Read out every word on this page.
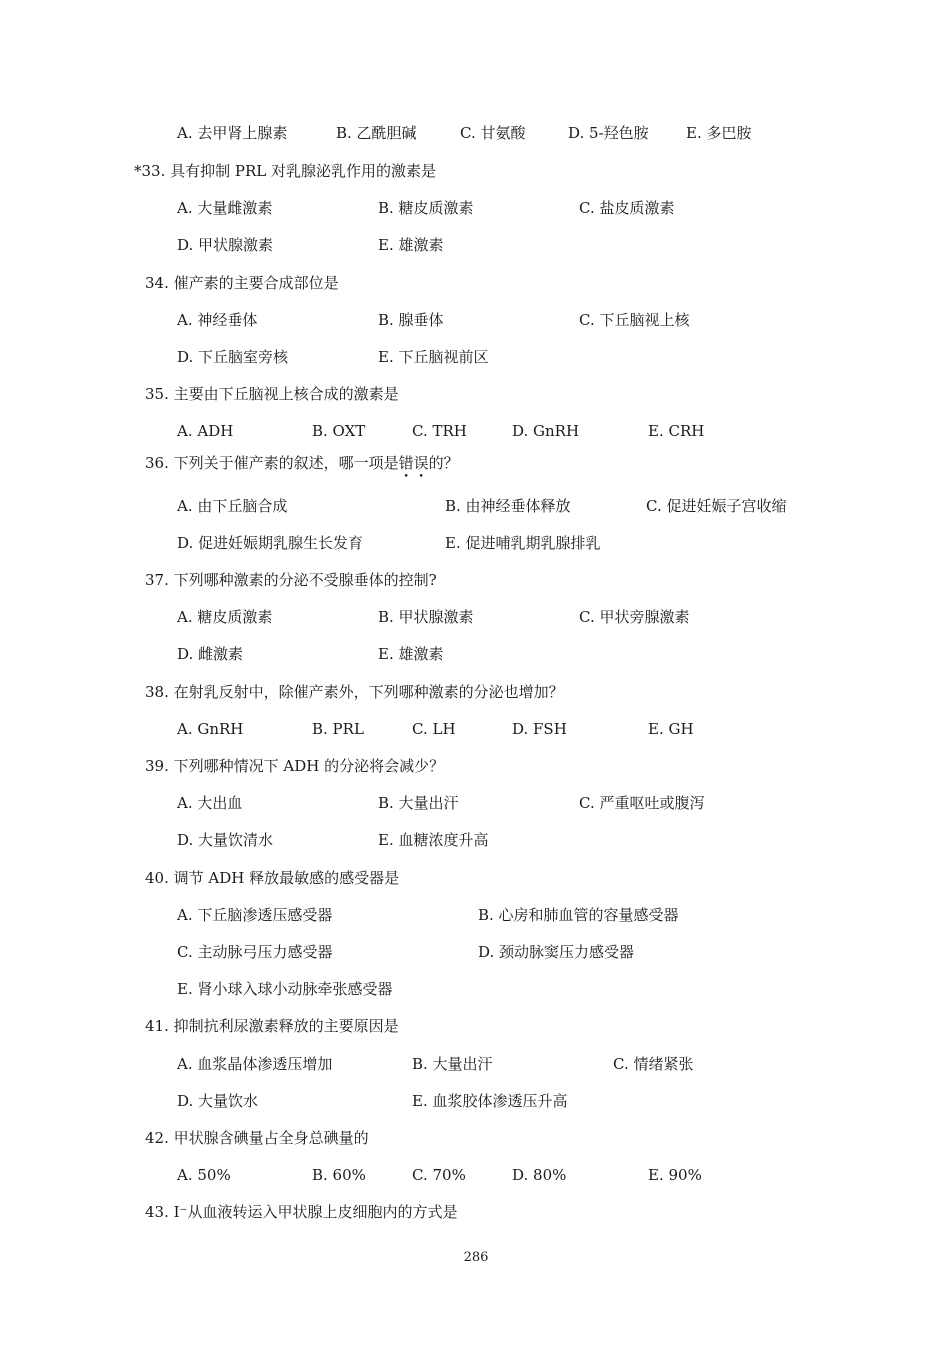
A. 去甲肾上腺素	B. 乙酰胆碱	C. 甘氨酸	D. 5-羟色胺 E. 多巴胺
*33. 具有抑制 PRL 对乳腺泌乳作用的激素是
A. 大量雌激素	B. 糖皮质激素	C. 盐皮质激素
D. 甲状腺激素	E. 雄激素
34. 催产素的主要合成部位是
A. 神经垂体	B. 腺垂体	C. 下丘脑视上核
D. 下丘脑室旁核	E. 下丘脑视前区
35. 主要由下丘脑视上核合成的激素是
A. ADH	B. OXT	C. TRH	D. GnRH	E. CRH
36. 下列关于催产素的叙述，哪一项是错误的？
A. 由下丘脑合成	B. 由神经垂体释放	C. 促进妊娠子宫收缩
D. 促进妊娠期乳腺生长发育	E. 促进哺乳期乳腺排乳
37. 下列哪种激素的分泌不受腺垂体的控制?
A. 糖皮质激素	B. 甲状腺激素	C. 甲状旁腺激素
D. 雌激素	E. 雄激素
38. 在射乳反射中，除催产素外，下列哪种激素的分泌也增加？
A. GnRH	B. PRL	C. LH	D. FSH	E. GH
39. 下列哪种情况下 ADH 的分泌将会减少？
A. 大出血	B. 大量出汗	C. 严重呕吐或腹泻
D. 大量饮清水	E. 血糖浓度升高
40. 调节 ADH 释放最敏感的感受器是
A. 下丘脑渗透压感受器	B. 心房和肺血管的容量感受器
C. 主动脉弓压力感受器	D. 颈动脉窦压力感受器
E. 肾小球入球小动脉牵张感受器
41. 抑制抗利尿激素释放的主要原因是
A. 血浆晶体渗透压增加	B. 大量出汗	C. 情绪紧张
D. 大量饮水	E. 血浆胶体渗透压升高
42. 甲状腺含碘量占全身总碘量的
A. 50%	B. 60%	C. 70%	D. 80%	E. 90%
43. I⁻从血液转运入甲状腺上皮细胞内的方式是
286
